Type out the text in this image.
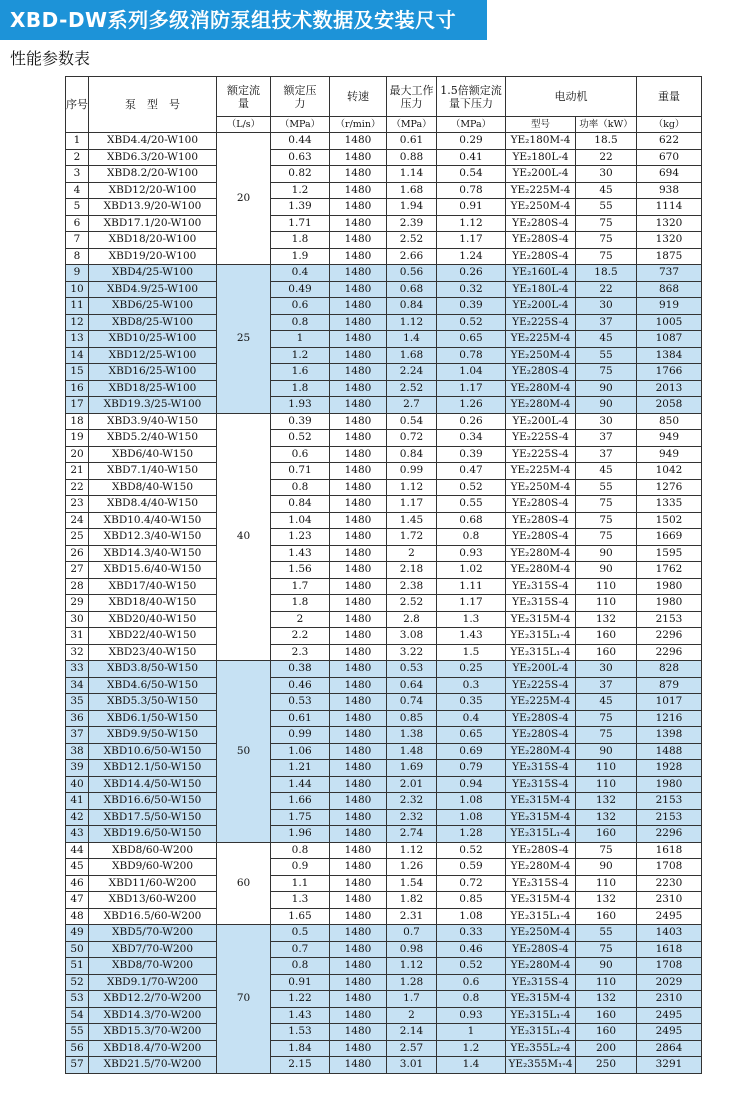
XBD-DW系列多级消防泵组技术数据及安装尺寸
性能参数表
序号	泵　型　号	额定流量	额定压力	转速	最大工作压力	1.5倍额定流量下压力	电动机		重量
		（L/s）	（MPa）	（r/min）	（MPa）	（MPa）	型号	功率（kW）	（kg）
1	XBD4.4/20-W100	20	0.44	1480	0.61	0.29	YE₂180M-4	18.5	622
2	XBD6.3/20-W100		0.63	1480	0.88	0.41	YE₂180L-4	22	670
3	XBD8.2/20-W100		0.82	1480	1.14	0.54	YE₂200L-4	30	694
4	XBD12/20-W100		1.2	1480	1.68	0.78	YE₂225M-4	45	938
5	XBD13.9/20-W100		1.39	1480	1.94	0.91	YE₂250M-4	55	1114
6	XBD17.1/20-W100		1.71	1480	2.39	1.12	YE₂280S-4	75	1320
7	XBD18/20-W100		1.8	1480	2.52	1.17	YE₂280S-4	75	1320
8	XBD19/20-W100		1.9	1480	2.66	1.24	YE₂280S-4	75	1875
9	XBD4/25-W100	25	0.4	1480	0.56	0.26	YE₂160L-4	18.5	737
10	XBD4.9/25-W100		0.49	1480	0.68	0.32	YE₂180L-4	22	868
11	XBD6/25-W100		0.6	1480	0.84	0.39	YE₂200L-4	30	919
12	XBD8/25-W100		0.8	1480	1.12	0.52	YE₂225S-4	37	1005
13	XBD10/25-W100		1	1480	1.4	0.65	YE₂225M-4	45	1087
14	XBD12/25-W100		1.2	1480	1.68	0.78	YE₂250M-4	55	1384
15	XBD16/25-W100		1.6	1480	2.24	1.04	YE₂280S-4	75	1766
16	XBD18/25-W100		1.8	1480	2.52	1.17	YE₂280M-4	90	2013
17	XBD19.3/25-W100		1.93	1480	2.7	1.26	YE₂280M-4	90	2058
18	XBD3.9/40-W150	40	0.39	1480	0.54	0.26	YE₂200L-4	30	850
19	XBD5.2/40-W150		0.52	1480	0.72	0.34	YE₂225S-4	37	949
20	XBD6/40-W150		0.6	1480	0.84	0.39	YE₂225S-4	37	949
21	XBD7.1/40-W150		0.71	1480	0.99	0.47	YE₂225M-4	45	1042
22	XBD8/40-W150		0.8	1480	1.12	0.52	YE₂250M-4	55	1276
23	XBD8.4/40-W150		0.84	1480	1.17	0.55	YE₂280S-4	75	1335
24	XBD10.4/40-W150		1.04	1480	1.45	0.68	YE₂280S-4	75	1502
25	XBD12.3/40-W150		1.23	1480	1.72	0.8	YE₂280S-4	75	1669
26	XBD14.3/40-W150		1.43	1480	2	0.93	YE₂280M-4	90	1595
27	XBD15.6/40-W150		1.56	1480	2.18	1.02	YE₂280M-4	90	1762
28	XBD17/40-W150		1.7	1480	2.38	1.11	YE₂315S-4	110	1980
29	XBD18/40-W150		1.8	1480	2.52	1.17	YE₂315S-4	110	1980
30	XBD20/40-W150		2	1480	2.8	1.3	YE₂315M-4	132	2153
31	XBD22/40-W150		2.2	1480	3.08	1.43	YE₂315L₁-4	160	2296
32	XBD23/40-W150		2.3	1480	3.22	1.5	YE₂315L₁-4	160	2296
33	XBD3.8/50-W150	50	0.38	1480	0.53	0.25	YE₂200L-4	30	828
34	XBD4.6/50-W150		0.46	1480	0.64	0.3	YE₂225S-4	37	879
35	XBD5.3/50-W150		0.53	1480	0.74	0.35	YE₂225M-4	45	1017
36	XBD6.1/50-W150		0.61	1480	0.85	0.4	YE₂280S-4	75	1216
37	XBD9.9/50-W150		0.99	1480	1.38	0.65	YE₂280S-4	75	1398
38	XBD10.6/50-W150		1.06	1480	1.48	0.69	YE₂280M-4	90	1488
39	XBD12.1/50-W150		1.21	1480	1.69	0.79	YE₂315S-4	110	1928
40	XBD14.4/50-W150		1.44	1480	2.01	0.94	YE₂315S-4	110	1980
41	XBD16.6/50-W150		1.66	1480	2.32	1.08	YE₂315M-4	132	2153
42	XBD17.5/50-W150		1.75	1480	2.32	1.08	YE₂315M-4	132	2153
43	XBD19.6/50-W150		1.96	1480	2.74	1.28	YE₂315L₁-4	160	2296
44	XBD8/60-W200	60	0.8	1480	1.12	0.52	YE₂280S-4	75	1618
45	XBD9/60-W200		0.9	1480	1.26	0.59	YE₂280M-4	90	1708
46	XBD11/60-W200		1.1	1480	1.54	0.72	YE₂315S-4	110	2230
47	XBD13/60-W200		1.3	1480	1.82	0.85	YE₂315M-4	132	2310
48	XBD16.5/60-W200		1.65	1480	2.31	1.08	YE₂315L₁-4	160	2495
49	XBD5/70-W200	70	0.5	1480	0.7	0.33	YE₂250M-4	55	1403
50	XBD7/70-W200		0.7	1480	0.98	0.46	YE₂280S-4	75	1618
51	XBD8/70-W200		0.8	1480	1.12	0.52	YE₂280M-4	90	1708
52	XBD9.1/70-W200		0.91	1480	1.28	0.6	YE₂315S-4	110	2029
53	XBD12.2/70-W200		1.22	1480	1.7	0.8	YE₂315M-4	132	2310
54	XBD14.3/70-W200		1.43	1480	2	0.93	YE₂315L₁-4	160	2495
55	XBD15.3/70-W200		1.53	1480	2.14	1	YE₂315L₁-4	160	2495
56	XBD18.4/70-W200		1.84	1480	2.57	1.2	YE₂355L₂-4	200	2864
57	XBD21.5/70-W200		2.15	1480	3.01	1.4	YE₂355M₁-4	250	3291
